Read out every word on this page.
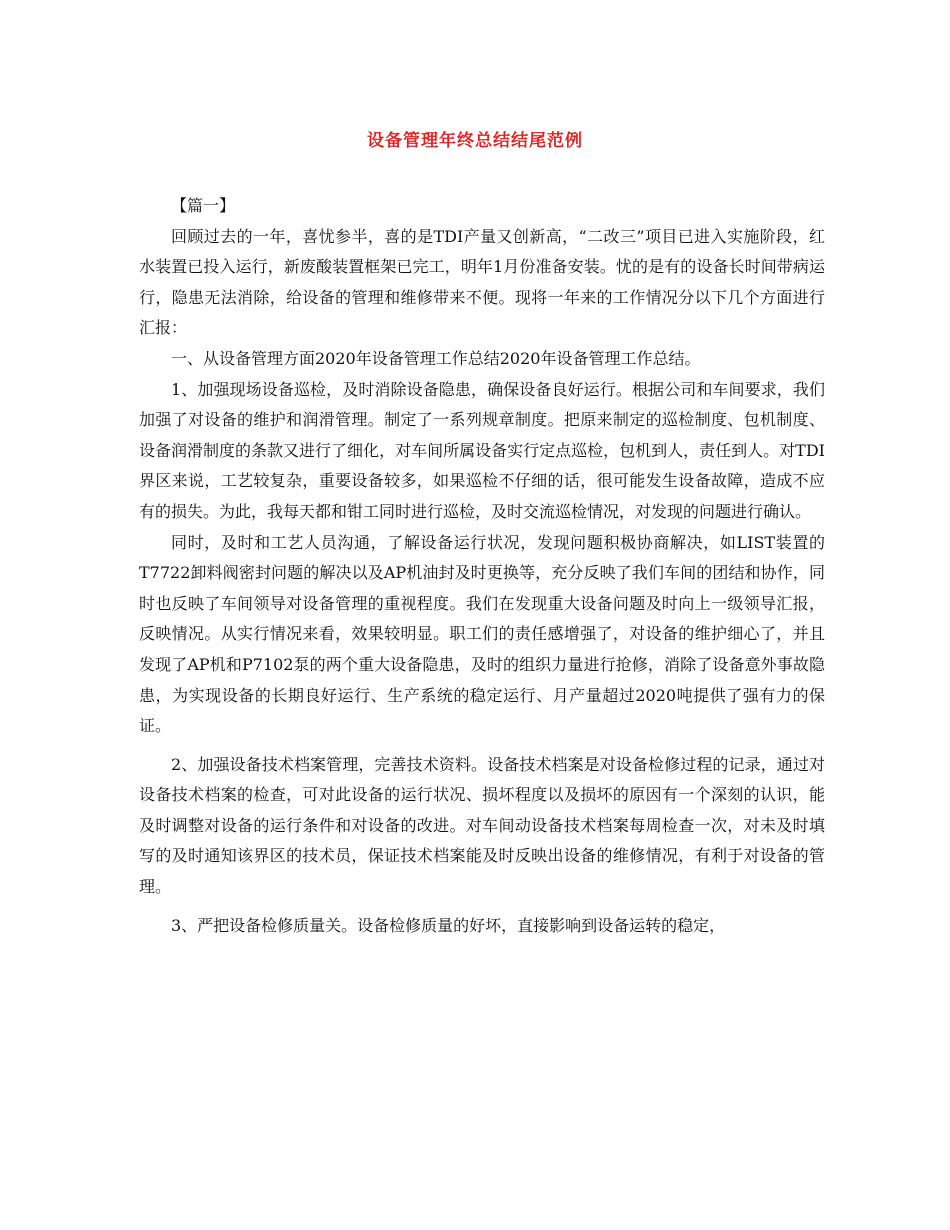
设备管理年终总结结尾范例
【篇一】

回顾过去的一年，喜忧参半，喜的是TDI产量又创新高，“二改三”项目已进入实施阶段，红水装置已投入运行，新废酸装置框架已完工，明年1月份准备安装。忧的是有的设备长时间带病运行，隐患无法消除，给设备的管理和维修带来不便。现将一年来的工作情况分以下几个方面进行汇报：

一、从设备管理方面2020年设备管理工作总结2020年设备管理工作总结。

1、加强现场设备巡检，及时消除设备隐患，确保设备良好运行。根据公司和车间要求，我们加强了对设备的维护和润滑管理。制定了一系列规章制度。把原来制定的巡检制度、包机制度、设备润滑制度的条款又进行了细化，对车间所属设备实行定点巡检，包机到人，责任到人。对TDI界区来说，工艺较复杂，重要设备较多，如果巡检不仔细的话，很可能发生设备故障，造成不应有的损失。为此，我每天都和钳工同时进行巡检，及时交流巡检情况，对发现的问题进行确认。

同时，及时和工艺人员沟通，了解设备运行状况，发现问题积极协商解决，如LIST装置的T7722卸料阀密封问题的解决以及AP机油封及时更换等，充分反映了我们车间的团结和协作，同时也反映了车间领导对设备管理的重视程度。我们在发现重大设备问题及时向上一级领导汇报，反映情况。从实行情况来看，效果较明显。职工们的责任感增强了，对设备的维护细心了，并且发现了AP机和P7102泵的两个重大设备隐患，及时的组织力量进行抢修，消除了设备意外事故隐患，为实现设备的长期良好运行、生产系统的稳定运行、月产量超过2020吨提供了强有力的保证。

2、加强设备技术档案管理，完善技术资料。设备技术档案是对设备检修过程的记录，通过对设备技术档案的检查，可对此设备的运行状况、损坏程度以及损坏的原因有一个深刻的认识，能及时调整对设备的运行条件和对设备的改进。对车间动设备技术档案每周检查一次，对未及时填写的及时通知该界区的技术员，保证技术档案能及时反映出设备的维修情况，有利于对设备的管理。

3、严把设备检修质量关。设备检修质量的好坏，直接影响到设备运转的稳定，
